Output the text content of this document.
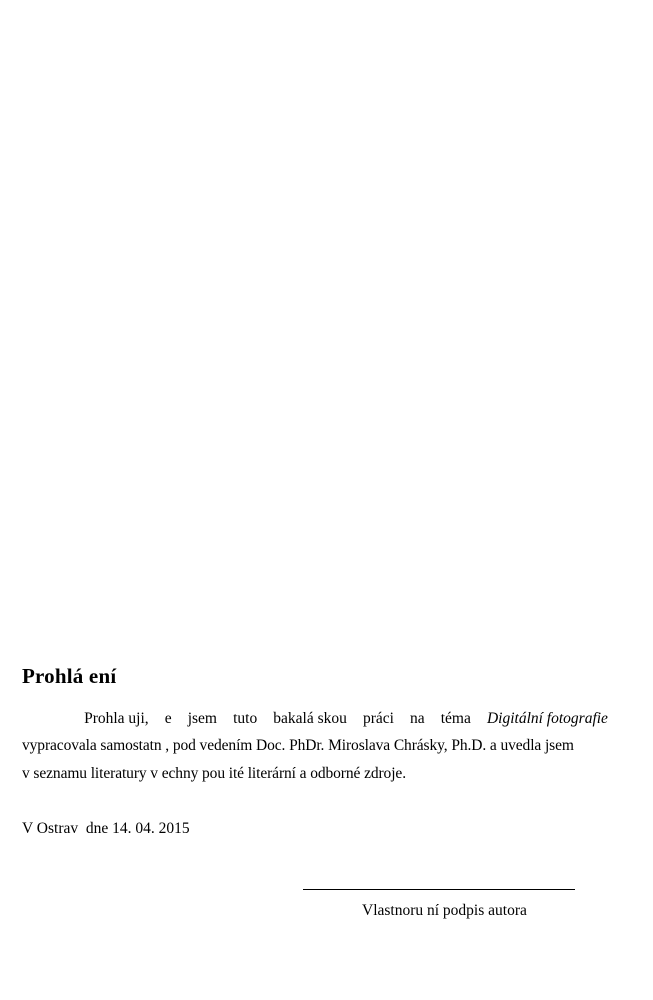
Prohlá ení
Prohla uji, e jsem tuto bakalá skou práci na téma Digitální fotografie

vypracovala samostatn , pod vedením Doc. PhDr. Miroslava Chrásky, Ph.D. a uvedla jsem

v seznamu literatury v echny pou ité literární a odborné zdroje.

V Ostrav  dne 14. 04. 2015
Vlastnoru ní podpis autora
